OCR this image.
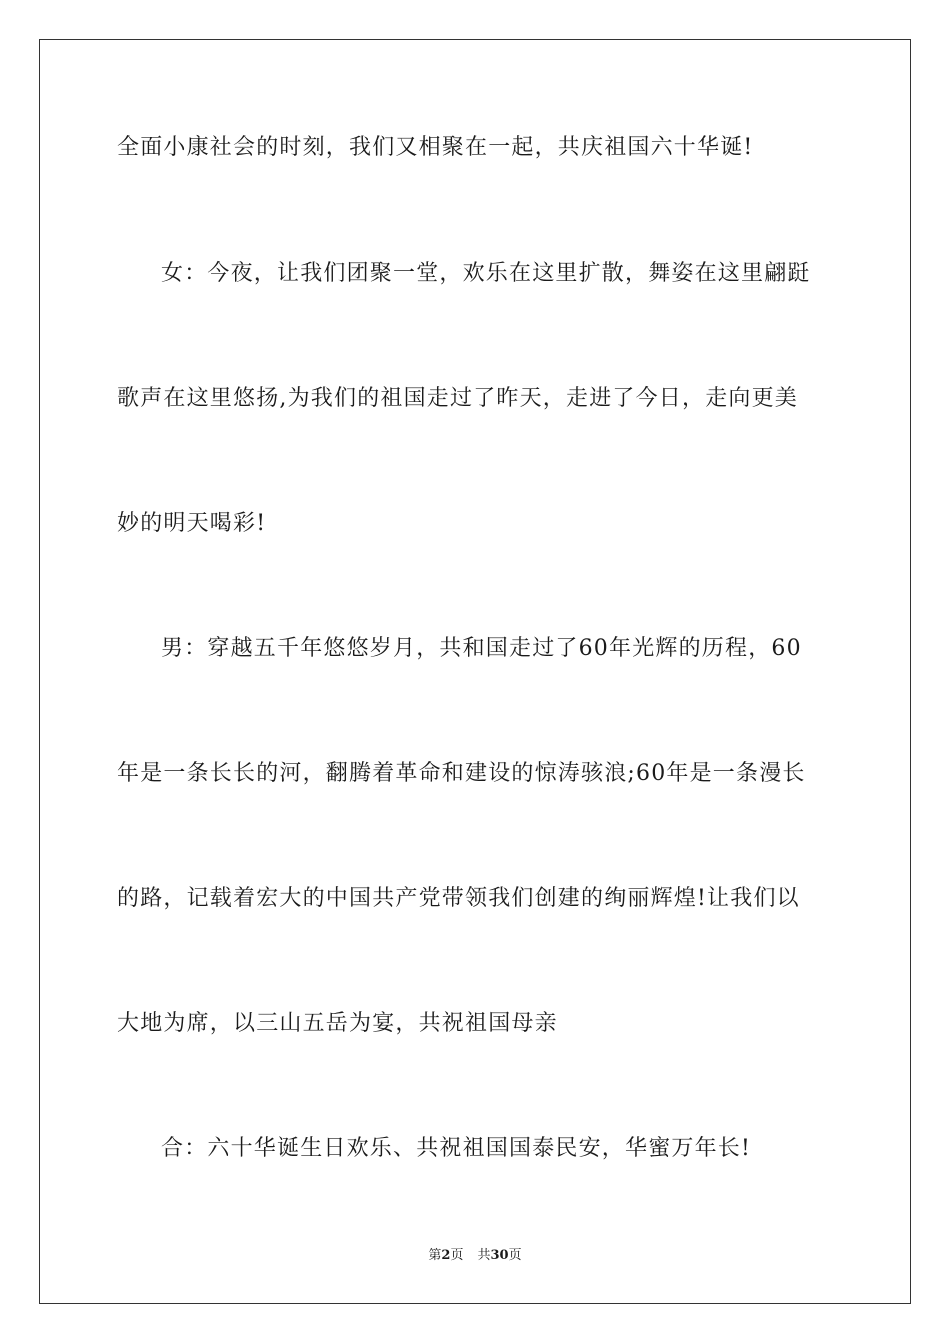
全面小康社会的时刻，我们又相聚在一起，共庆祖国六十华诞!
女：今夜，让我们团聚一堂，欢乐在这里扩散，舞姿在这里翩跹
歌声在这里悠扬,为我们的祖国走过了昨天，走进了今日，走向更美
妙的明天喝彩!
男：穿越五千年悠悠岁月，共和国走过了60年光辉的历程，60
年是一条长长的河，翻腾着革命和建设的惊涛骇浪;60年是一条漫长
的路，记载着宏大的中国共产党带领我们创建的绚丽辉煌!让我们以
大地为席，以三山五岳为宴，共祝祖国母亲
合：六十华诞生日欢乐、共祝祖国国泰民安，华蜜万年长!
第2页 共30页
